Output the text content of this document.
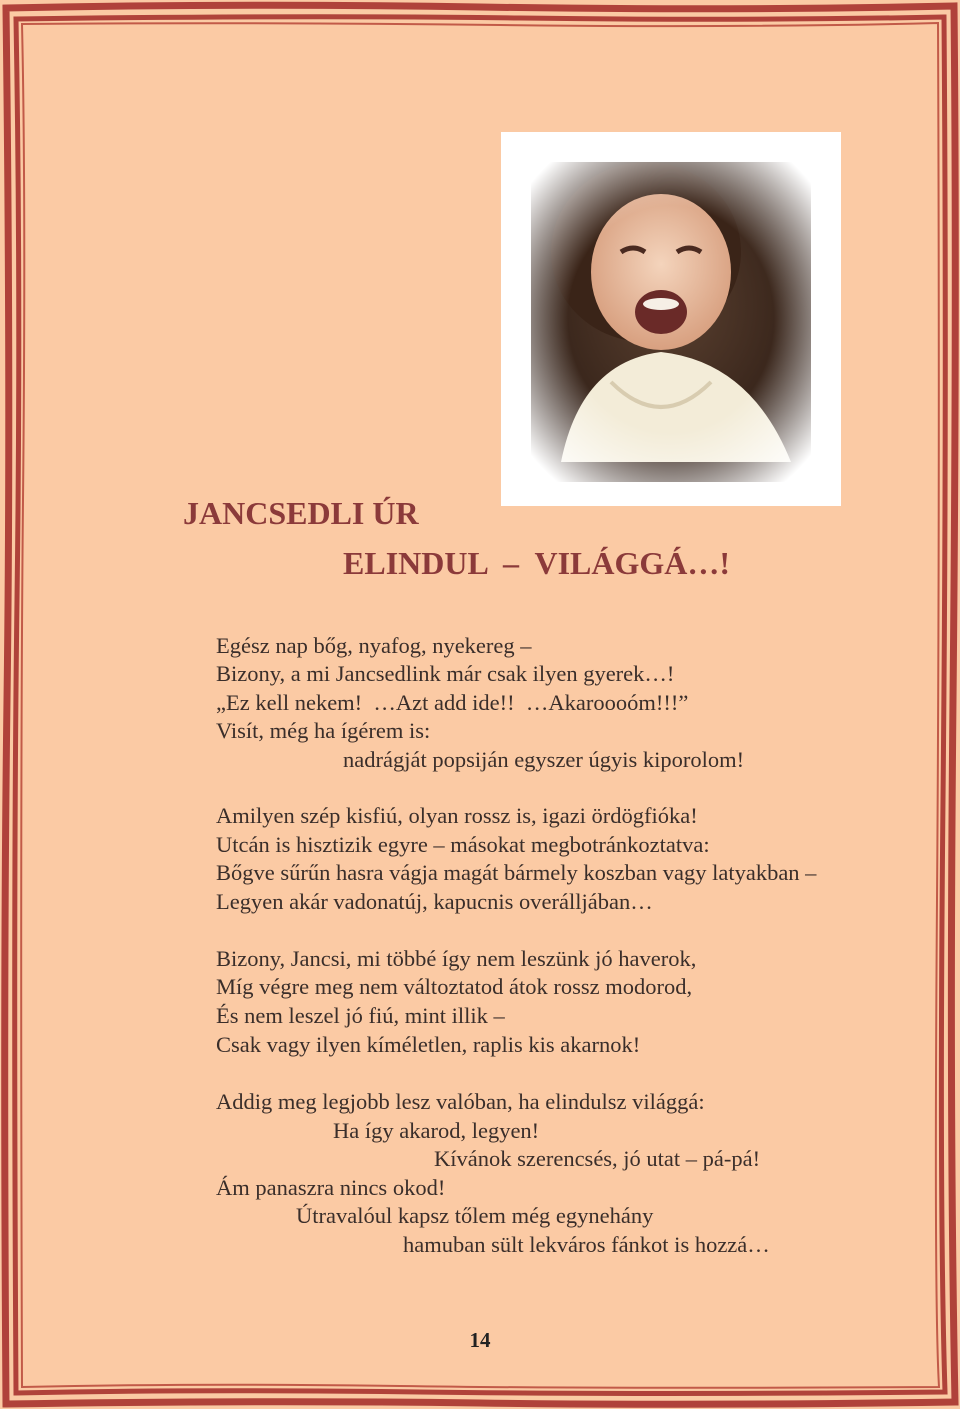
JANCSEDLI ÚR
ELINDUL  –  VILÁGGÁ…!
Egész nap bőg, nyafog, nyekereg –
Bizony, a mi Jancsedlink már csak ilyen gyerek…!
„Ez kell nekem!  …Azt add ide!!  …Akaroooóm!!!”
Visít, még ha ígérem is:
nadrágját popsiján egyszer úgyis kiporolom!
Amilyen szép kisfiú, olyan rossz is, igazi ördögfióka!
Utcán is hisztizik egyre – másokat megbotránkoztatva:
Bőgve sűrűn hasra vágja magát bármely koszban vagy latyakban –
Legyen akár vadonatúj, kapucnis overálljában…
Bizony, Jancsi, mi többé így nem leszünk jó haverok,
Míg végre meg nem változtatod átok rossz modorod,
És nem leszel jó fiú, mint illik –
Csak vagy ilyen kíméletlen, raplis kis akarnok!
Addig meg legjobb lesz valóban, ha elindulsz világgá:
Ha így akarod, legyen!
Kívánok szerencsés, jó utat – pá-pá!
Ám panaszra nincs okod!
Útravalóul kapsz tőlem még egynehány
hamuban sült lekváros fánkot is hozzá…
14
